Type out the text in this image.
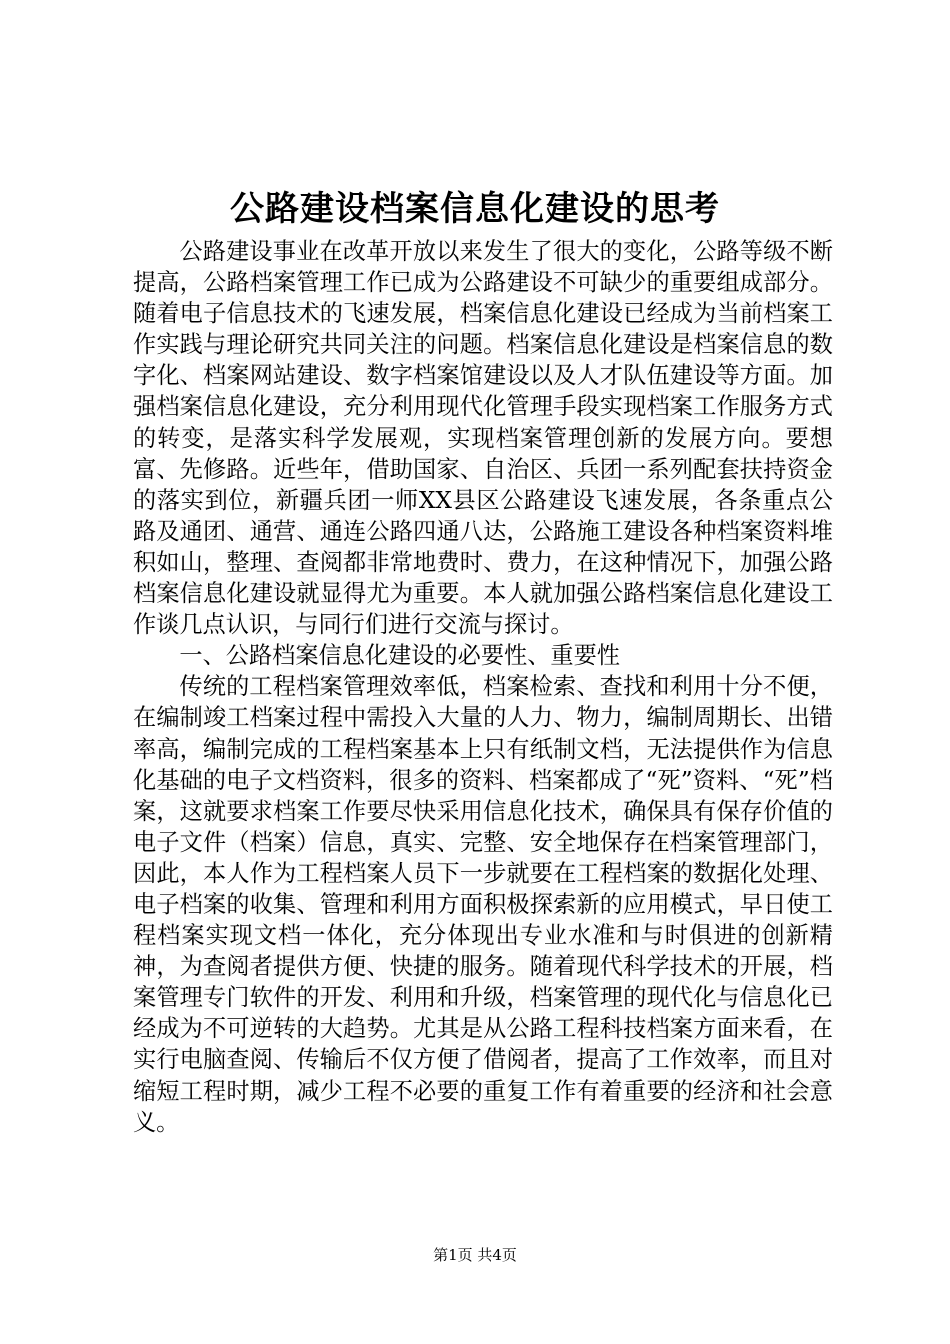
公路建设档案信息化建设的思考

公路建设事业在改革开放以来发生了很大的变化，公路等级不断提高，公路档案管理工作已成为公路建设不可缺少的重要组成部分。随着电子信息技术的飞速发展，档案信息化建设已经成为当前档案工作实践与理论研究共同关注的问题。档案信息化建设是档案信息的数字化、档案网站建设、数字档案馆建设以及人才队伍建设等方面。加强档案信息化建设，充分利用现代化管理手段实现档案工作服务方式的转变，是落实科学发展观，实现档案管理创新的发展方向。要想富、先修路。近些年，借助国家、自治区、兵团一系列配套扶持资金的落实到位，新疆兵团一师XX县区公路建设飞速发展，各条重点公路及通团、通营、通连公路四通八达，公路施工建设各种档案资料堆积如山，整理、查阅都非常地费时、费力，在这种情况下，加强公路档案信息化建设就显得尤为重要。本人就加强公路档案信息化建设工作谈几点认识，与同行们进行交流与探讨。

一、公路档案信息化建设的必要性、重要性

传统的工程档案管理效率低，档案检索、查找和利用十分不便，在编制竣工档案过程中需投入大量的人力、物力，编制周期长、出错率高，编制完成的工程档案基本上只有纸制文档，无法提供作为信息化基础的电子文档资料，很多的资料、档案都成了“死”资料、“死”档案，这就要求档案工作要尽快采用信息化技术，确保具有保存价值的电子文件（档案）信息，真实、完整、安全地保存在档案管理部门，因此，本人作为工程档案人员下一步就要在工程档案的数据化处理、电子档案的收集、管理和利用方面积极探索新的应用模式，早日使工程档案实现文档一体化，充分体现出专业水准和与时俱进的创新精神，为查阅者提供方便、快捷的服务。随着现代科学技术的开展，档案管理专门软件的开发、利用和升级，档案管理的现代化与信息化已经成为不可逆转的大趋势。尤其是从公路工程科技档案方面来看，在实行电脑查阅、传输后不仅方便了借阅者，提高了工作效率，而且对缩短工程时期，减少工程不必要的重复工作有着重要的经济和社会意义。

第1页 共4页
